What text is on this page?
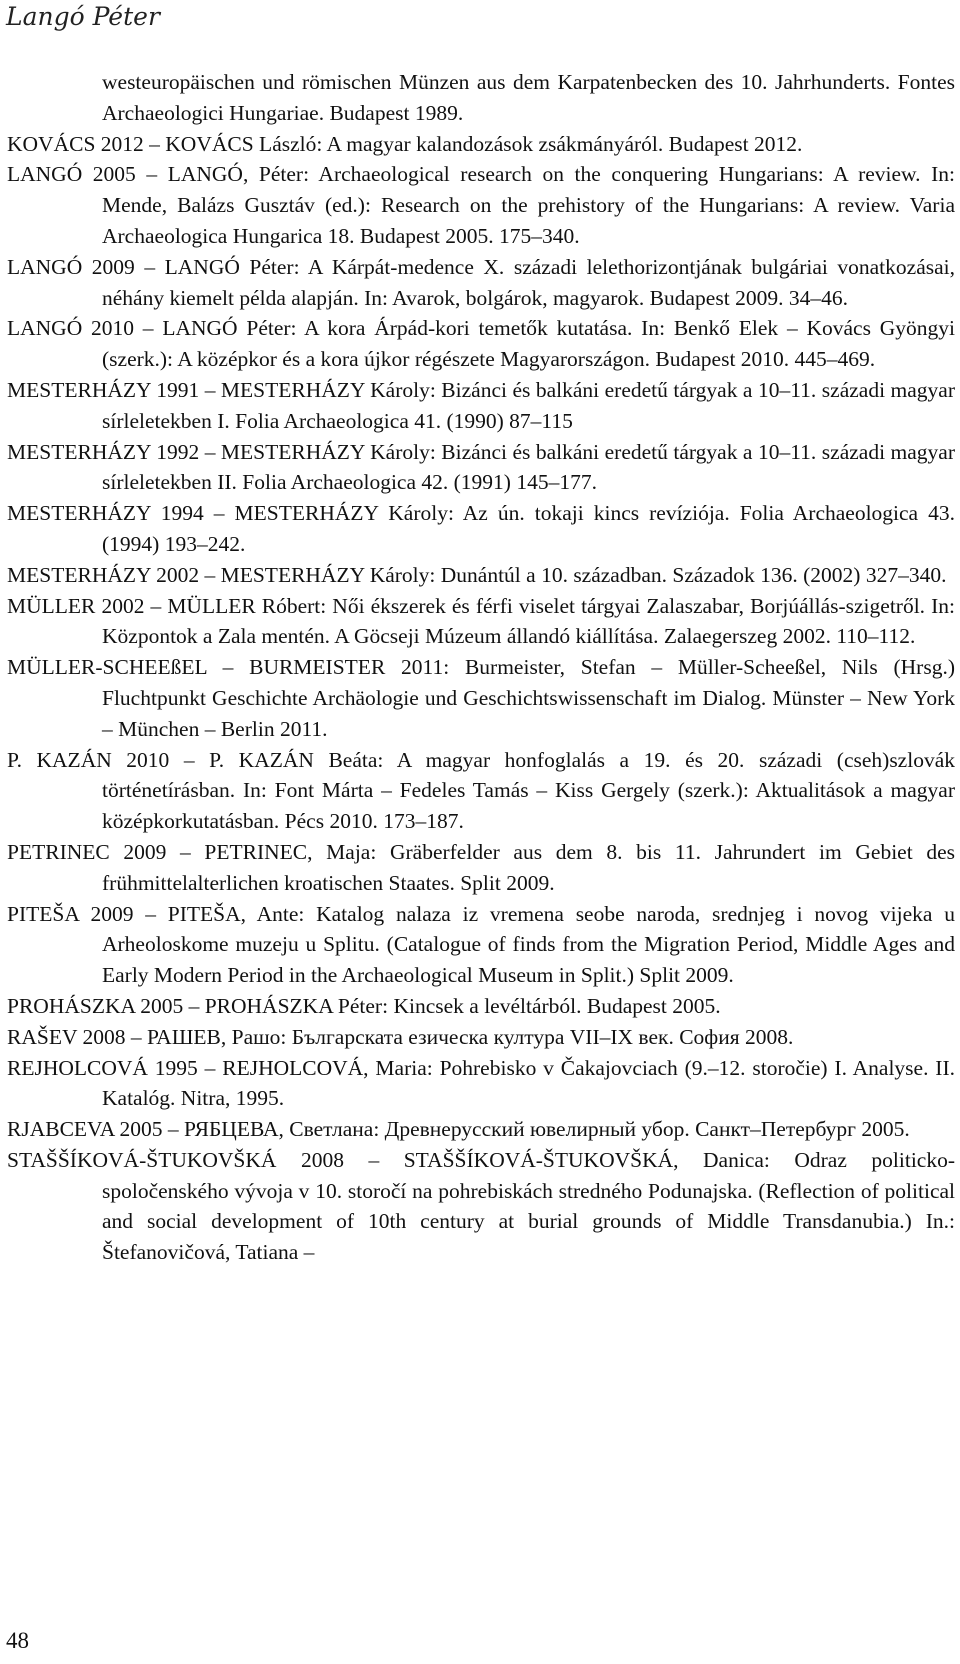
Langó Péter

westeuropäischen und römischen Münzen aus dem Karpatenbecken des 10. Jahrhunderts. Fontes Archaeologici Hungariae. Budapest 1989.

KOVÁCS 2012 – KOVÁCS László: A magyar kalandozások zsákmányáról. Budapest 2012.

LANGÓ 2005 – LANGÓ, Péter: Archaeological research on the conquering Hungarians: A review. In: Mende, Balázs Gusztáv (ed.): Research on the prehistory of the Hungarians: A review. Varia Archaeologica Hungarica 18. Budapest 2005. 175–340.

LANGÓ 2009 – LANGÓ Péter: A Kárpát-medence X. századi lelethorizontjának bulgáriai vonatkozásai, néhány kiemelt példa alapján. In: Avarok, bolgárok, magyarok. Budapest 2009. 34–46.

LANGÓ 2010 – LANGÓ Péter: A kora Árpád-kori temetők kutatása. In: Benkő Elek – Kovács Gyöngyi (szerk.): A középkor és a kora újkor régészete Magyarországon. Budapest 2010. 445–469.

MESTERHÁZY 1991 – MESTERHÁZY Károly: Bizánci és balkáni eredetű tárgyak a 10–11. századi magyar sírleletekben I. Folia Archaeologica 41. (1990) 87–115

MESTERHÁZY 1992 – MESTERHÁZY Károly: Bizánci és balkáni eredetű tárgyak a 10–11. századi magyar sírleletekben II. Folia Archaeologica 42. (1991) 145–177.

MESTERHÁZY 1994 – MESTERHÁZY Károly: Az ún. tokaji kincs revíziója. Folia Archaeologica 43. (1994) 193–242.

MESTERHÁZY 2002 – MESTERHÁZY Károly: Dunántúl a 10. században. Századok 136. (2002) 327–340.

MÜLLER 2002 – MÜLLER Róbert: Női ékszerek és férfi viselet tárgyai Zalaszabar, Borjúállás-szigetről. In: Központok a Zala mentén. A Göcseji Múzeum állandó kiállítása. Zalaegerszeg 2002. 110–112.

MÜLLER-SCHEEßEL – BURMEISTER 2011: Burmeister, Stefan – Müller-Scheeßel, Nils (Hrsg.) Fluchtpunkt Geschichte Archäologie und Geschichtswissenschaft im Dialog. Münster – New York – München – Berlin 2011.

P. KAZÁN 2010 – P. KAZÁN Beáta: A magyar honfoglalás a 19. és 20. századi (cseh)szlovák történetírásban. In: Font Márta – Fedeles Tamás – Kiss Gergely (szerk.): Aktualitások a magyar középkorkutatásban. Pécs 2010. 173–187.

PETRINEC 2009 – PETRINEC, Maja: Gräberfelder aus dem 8. bis 11. Jahrundert im Gebiet des frühmittelalterlichen kroatischen Staates. Split 2009.

PITEŠA 2009 – PITEŠA, Ante: Katalog nalaza iz vremena seobe naroda, srednjeg i novog vijeka u Arheoloskome muzeju u Splitu. (Catalogue of finds from the Migration Period, Middle Ages and Early Modern Period in the Archaeological Museum in Split.) Split 2009.

PROHÁSZKA 2005 – PROHÁSZKA Péter: Kincsek a levéltárból. Budapest 2005.

RAŠEV 2008 – РАШЕВ, Рашо: Българската езическа култура VII–IX век. София 2008.

REJHOLCOVÁ 1995 – REJHOLCOVÁ, Maria: Pohrebisko v Čakajovciach (9.–12. storočie) I. Analyse. II. Katalóg. Nitra, 1995.

RJABCEVA 2005 – РЯБЦЕВА, Светлана: Древнерусский ювелирный убор. Санкт–Петербург 2005.

STAŠŠÍKOVÁ-ŠTUKOVŠKÁ 2008 – STAŠŠÍKOVÁ-ŠTUKOVŠKÁ, Danica: Odraz politicko-spoločenského vývoja v 10. storočí na pohrebiskách stredného Podunajska. (Reflection of political and social development of 10th century at burial grounds of Middle Transdanubia.) In.: Štefanovičová, Tatiana –

48
